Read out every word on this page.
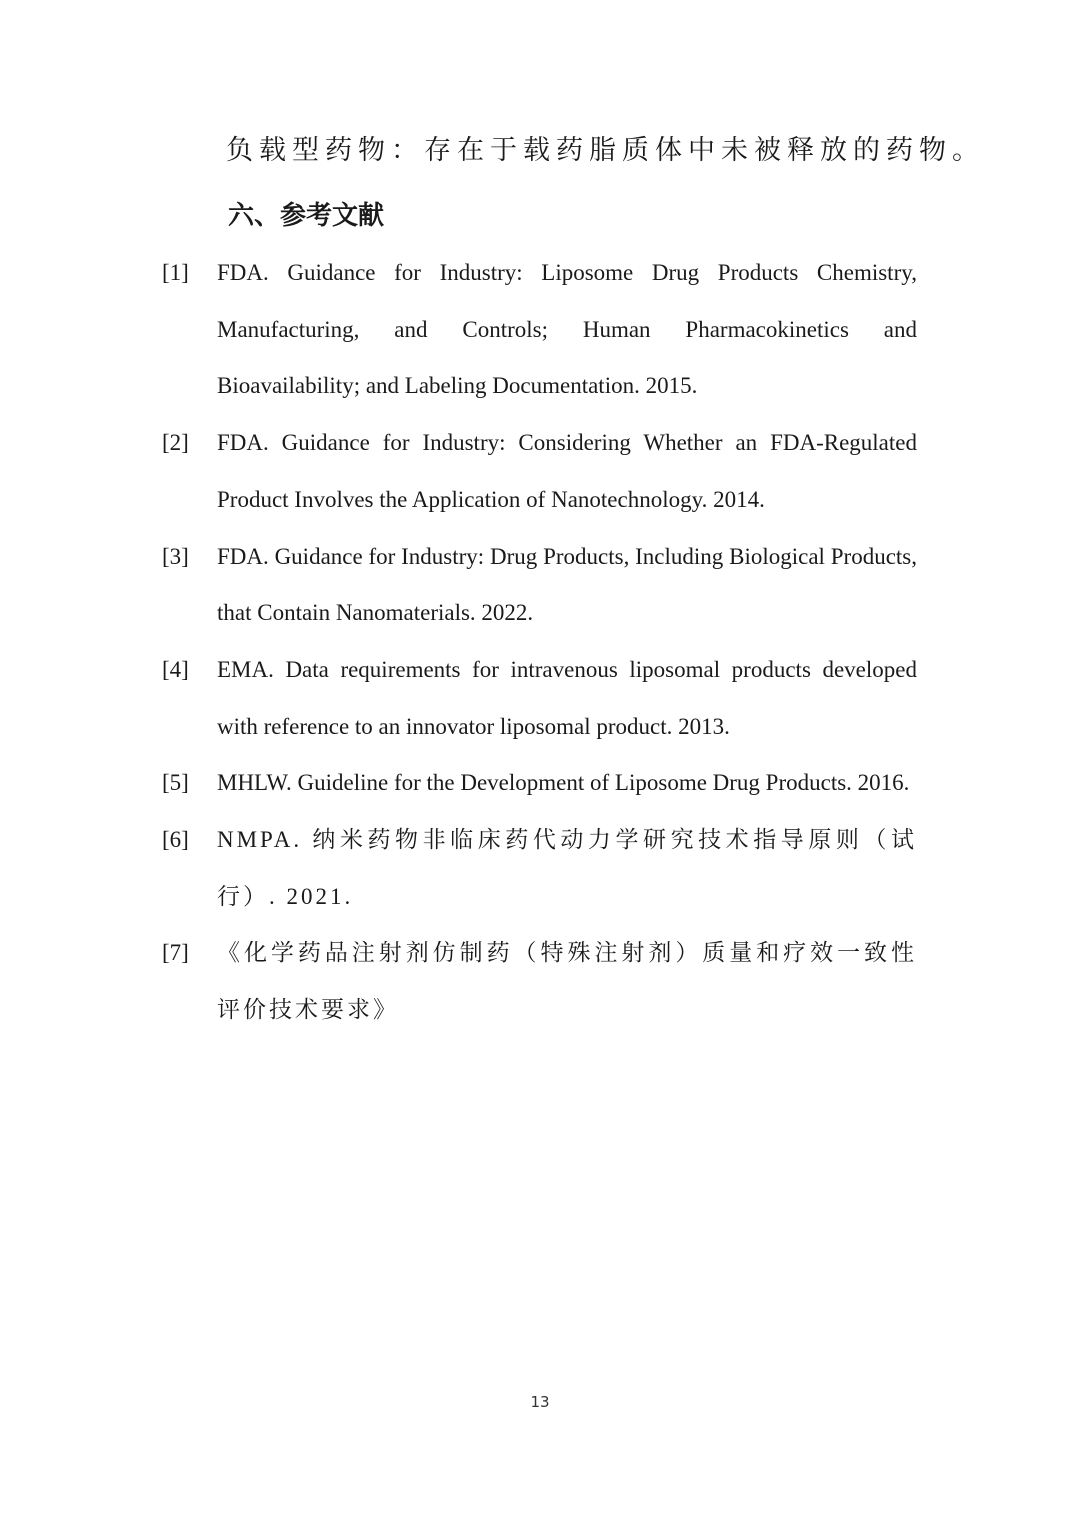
负载型药物：存在于载药脂质体中未被释放的药物。
六、参考文献
[1]	FDA. Guidance for Industry: Liposome Drug Products Chemistry, Manufacturing, and Controls; Human Pharmacokinetics and Bioavailability; and Labeling Documentation. 2015.
[2]	FDA. Guidance for Industry: Considering Whether an FDA-Regulated Product Involves the Application of Nanotechnology. 2014.
[3]	FDA. Guidance for Industry: Drug Products, Including Biological Products, that Contain Nanomaterials. 2022.
[4]	EMA. Data requirements for intravenous liposomal products developed with reference to an innovator liposomal product. 2013.
[5]	MHLW. Guideline for the Development of Liposome Drug Products. 2016.
[6]	NMPA. 纳米药物非临床药代动力学研究技术指导原则（试行）. 2021.
[7]	《化学药品注射剂仿制药（特殊注射剂）质量和疗效一致性评价技术要求》
13
